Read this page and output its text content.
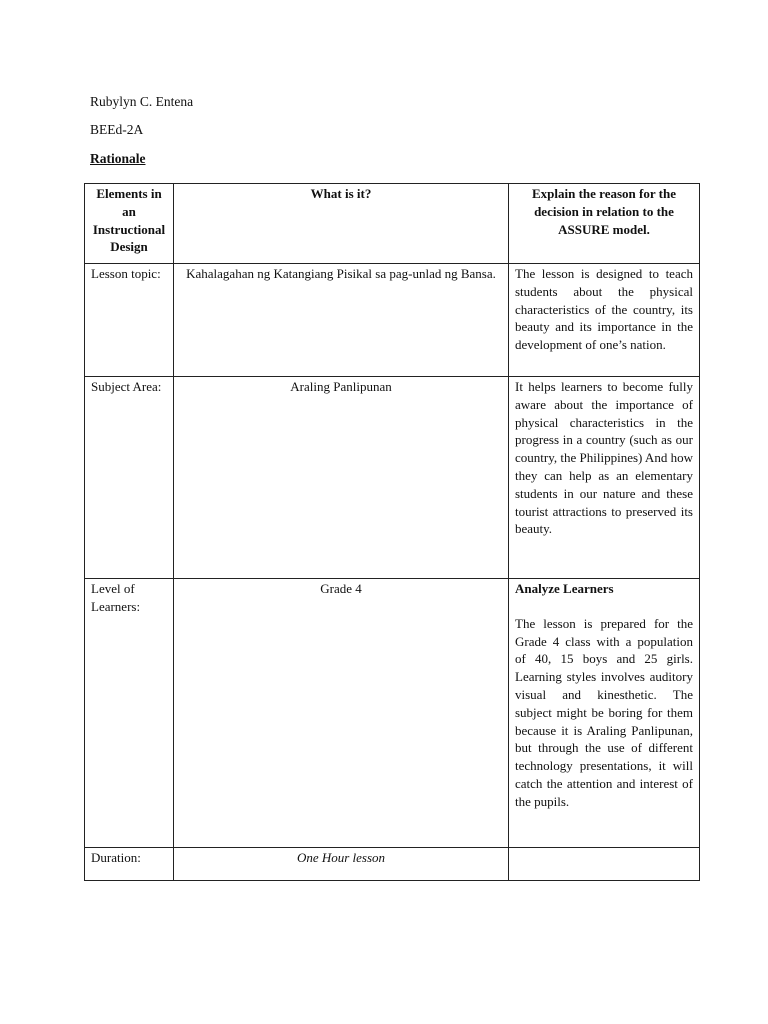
Rubylyn C. Entena
BEEd-2A
Rationale
Elements in an Instructional Design	What is it?	Explain the reason for the decision in relation to the ASSURE model.
Lesson topic:	Kahalagahan ng Katangiang Pisikal sa pag-unlad ng Bansa.	The lesson is designed to teach students about the physical characteristics of the country, its beauty and its importance in the development of one’s nation.
Subject Area:	Araling Panlipunan	It helps learners to become fully aware about the importance of physical characteristics in the progress in a country (such as our country, the Philippines) And how they can help as an elementary students in our nature and these tourist attractions to preserved its beauty.
Level of Learners:	Grade 4	Analyze Learners
The lesson is prepared for the Grade 4 class with a population of 40, 15 boys and 25 girls. Learning styles involves auditory visual and kinesthetic. The subject might be boring for them because it is Araling Panlipunan, but through the use of different technology presentations, it will catch the attention and interest of the pupils.
Duration:	One Hour lesson	
